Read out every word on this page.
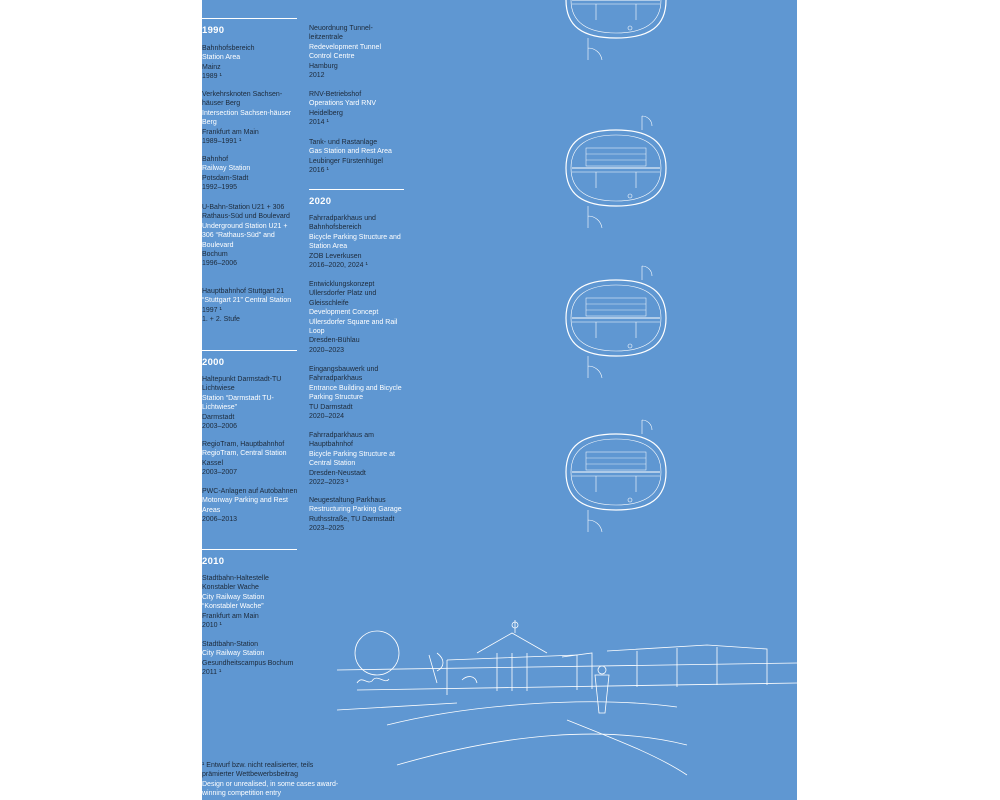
1990
Bahnhofsbereich
Station Area
Mainz
1989 ¹
Verkehrsknoten Sachsen-häuser Berg
Intersection Sachsen-häuser Berg
Frankfurt am Main
1989–1991 ¹
Bahnhof
Railway Station
Potsdam-Stadt
1992–1995
U-Bahn-Station U21 + 306 Rathaus-Süd und Boulevard
Underground Station U21 + 306 “Rathaus-Süd” and Boulevard
Bochum
1996–2006
Hauptbahnhof Stuttgart 21
“Stuttgart 21” Central Station
1997 ¹
1. + 2. Stufe
2000
Haltepunkt Darmstadt-TU Lichtwiese
Station “Darmstadt TU-Lichtwiese”
Darmstadt
2003–2006
RegioTram, Hauptbahnhof
RegioTram, Central Station
Kassel
2003–2007
PWC-Anlagen auf Autobahnen
Motorway Parking and Rest Areas
2006–2013
2010
Stadtbahn-Haltestelle Konstabler Wache
City Railway Station “Konstabler Wache”
Frankfurt am Main
2010 ¹
Stadtbahn-Station
City Railway Station
Gesundheitscampus Bochum
2011 ¹
Neuordnung Tunnel-leitzentrale
Redevelopment Tunnel Control Centre
Hamburg
2012
RNV-Betriebshof
Operations Yard RNV
Heidelberg
2014 ¹
Tank- und Rastanlage
Gas Station and Rest Area
Leubinger Fürstenhügel
2016 ¹
2020
Fahrradparkhaus und Bahnhofsbereich
Bicycle Parking Structure and Station Area
ZOB Leverkusen
2016–2020, 2024 ¹
Entwicklungskonzept Ullersdorfer Platz und Gleisschleife
Development Concept Ullersdorfer Square and Rail Loop
Dresden-Bühlau
2020–2023
Eingangsbauwerk und Fahrradparkhaus
Entrance Building and Bicycle Parking Structure
TU Darmstadt
2020–2024
Fahrradparkhaus am Hauptbahnhof
Bicycle Parking Structure at Central Station
Dresden-Neustadt
2022–2023 ¹
Neugestaltung Parkhaus
Restructuring Parking Garage
Ruthsstraße, TU Darmstadt
2023–2025
¹ Entwurf bzw. nicht realisierter, teils prämierter Wettbewerbsbeitrag
Design or unrealised, in some cases award-winning competition entry
